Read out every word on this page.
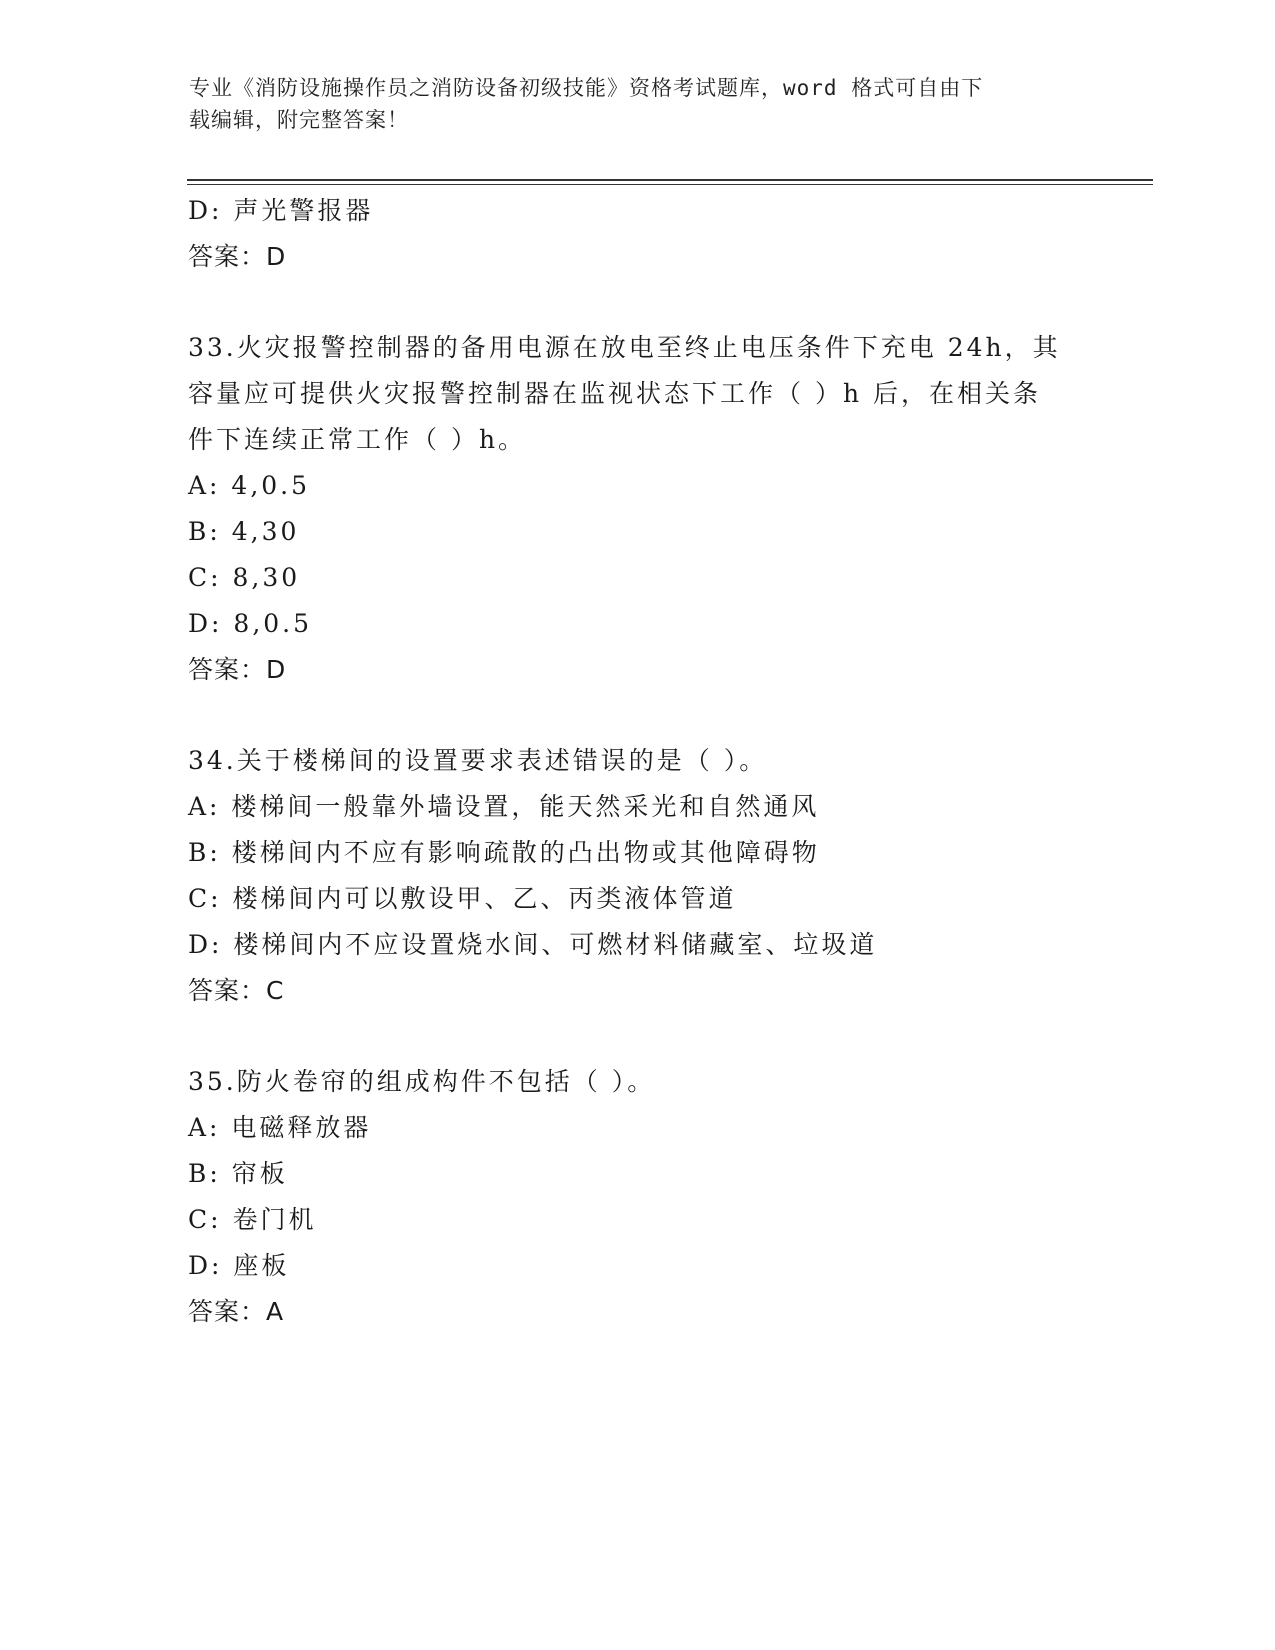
专业《消防设施操作员之消防设备初级技能》资格考试题库，word 格式可自由下
载编辑，附完整答案！
D: 声光警报器
答案：D
33.火灾报警控制器的备用电源在放电至终止电压条件下充电 24h，其
容量应可提供火灾报警控制器在监视状态下工作（ ）h 后，在相关条
件下连续正常工作（ ）h。
A: 4,0.5
B: 4,30
C: 8,30
D: 8,0.5
答案：D
34.关于楼梯间的设置要求表述错误的是（ ）。
A: 楼梯间一般靠外墙设置，能天然采光和自然通风
B: 楼梯间内不应有影响疏散的凸出物或其他障碍物
C: 楼梯间内可以敷设甲、乙、丙类液体管道
D: 楼梯间内不应设置烧水间、可燃材料储藏室、垃圾道
答案：C
35.防火卷帘的组成构件不包括（ ）。
A: 电磁释放器
B: 帘板
C: 卷门机
D: 座板
答案：A
